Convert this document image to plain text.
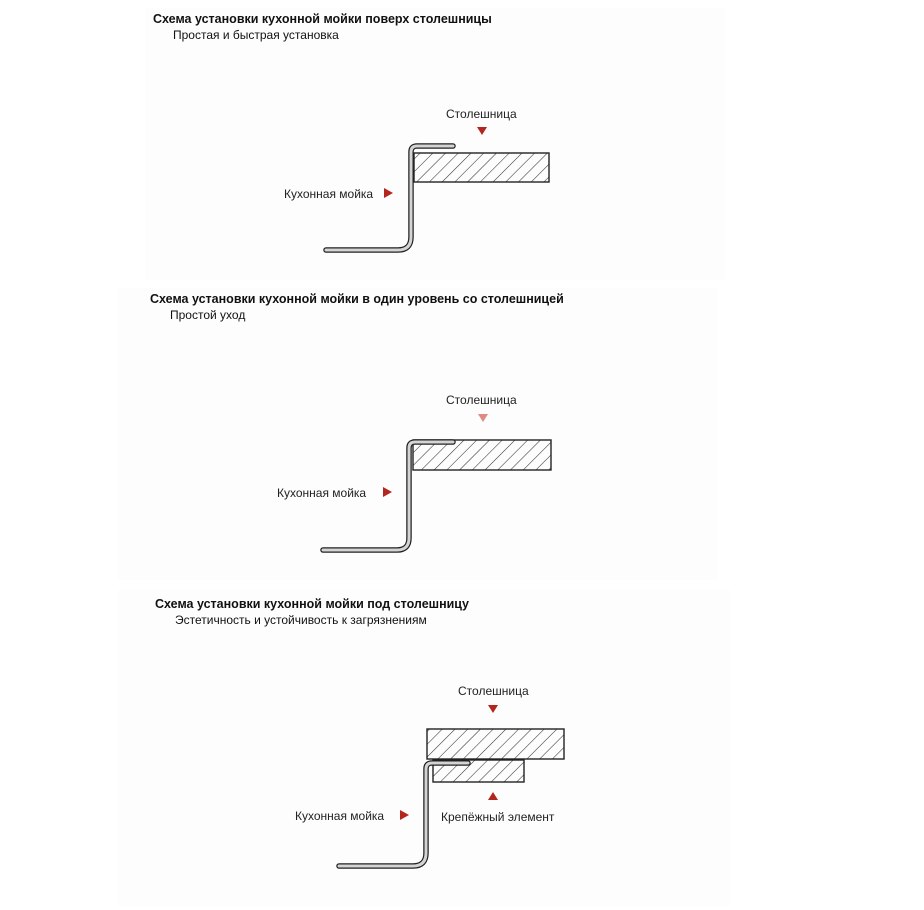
Схема установки кухонной мойки поверх столешницы
Простая и быстрая установка
Столешница
Кухонная мойка
Схема установки кухонной мойки в один уровень со столешницей
Простой уход
Столешница
Кухонная мойка
Схема установки кухонной мойки под столешницу
Эстетичность и устойчивость к загрязнениям
Столешница
Кухонная мойка	Крепёжный элемент
